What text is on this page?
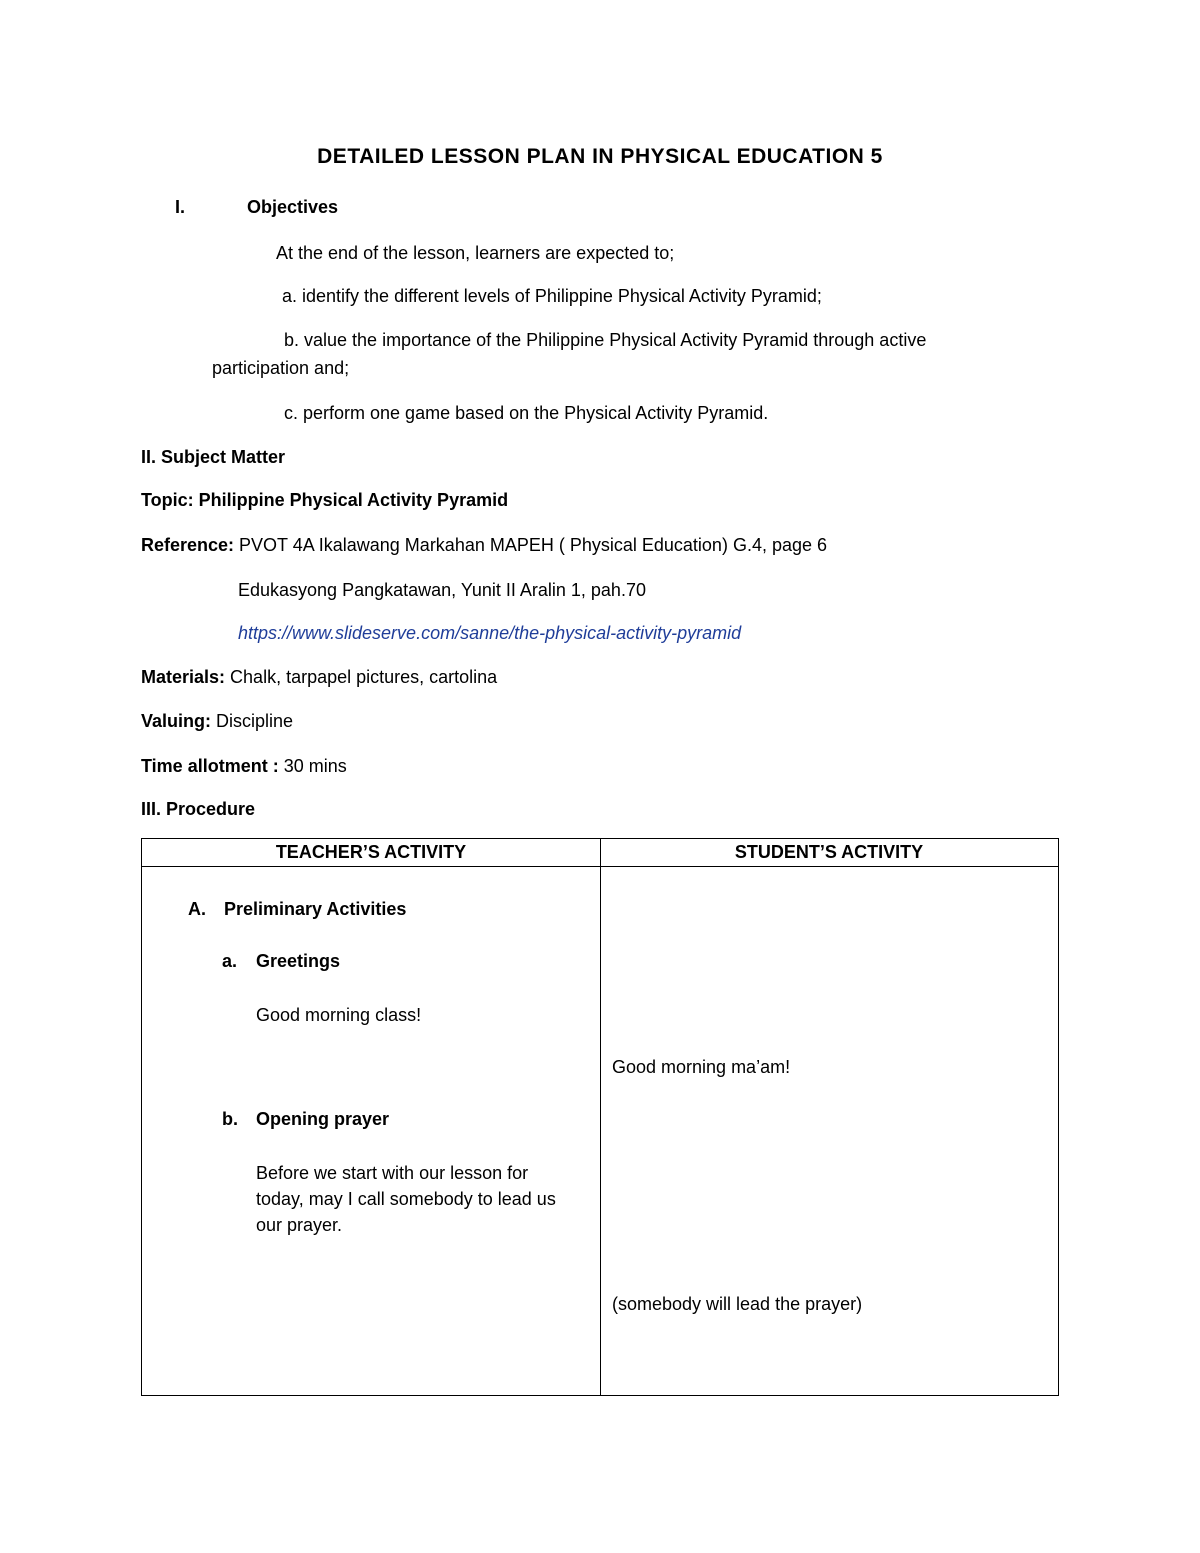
DETAILED LESSON PLAN IN PHYSICAL EDUCATION 5
I.	Objectives
At the end of the lesson, learners are expected to;
a. identify the different levels of Philippine Physical Activity Pyramid;
b. value the importance of the Philippine Physical Activity Pyramid through active
participation and;
c. perform one game based on the Physical Activity Pyramid.
II. Subject Matter
Topic: Philippine Physical Activity Pyramid
Reference: PVOT 4A Ikalawang Markahan MAPEH ( Physical Education) G.4, page 6
Edukasyong Pangkatawan, Yunit II Aralin 1, pah.70
https://www.slideserve.com/sanne/the-physical-activity-pyramid
Materials: Chalk, tarpapel pictures, cartolina
Valuing: Discipline
Time allotment : 30 mins
III. Procedure
TEACHER’S ACTIVITY	STUDENT’S ACTIVITY
A. Preliminary Activities
a. Greetings
Good morning class!
Good morning ma’am!
b. Opening prayer
Before we start with our lesson for
today, may I call somebody to lead us
our prayer.
(somebody will lead the prayer)
